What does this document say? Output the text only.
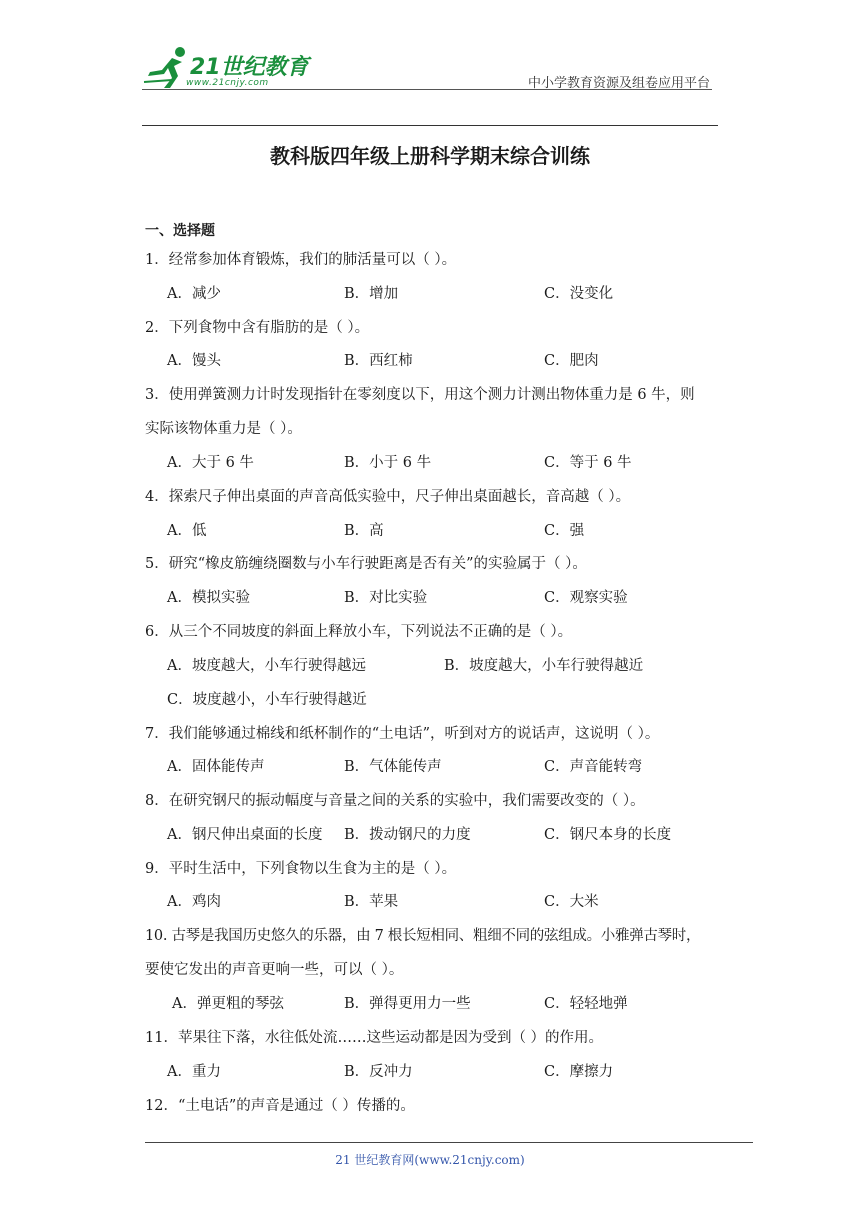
21世纪教育
www.21cnjy.com	中小学教育资源及组卷应用平台
教科版四年级上册科学期末综合训练
一、选择题
1．经常参加体育锻炼，我们的肺活量可以（ ）。
A．减少	B．增加	C．没变化
2．下列食物中含有脂肪的是（ ）。
A．馒头	B．西红柿	C．肥肉
3．使用弹簧测力计时发现指针在零刻度以下，用这个测力计测出物体重力是 6 牛，则
实际该物体重力是（ ）。
A．大于 6 牛	B．小于 6 牛	C．等于 6 牛
4．探索尺子伸出桌面的声音高低实验中，尺子伸出桌面越长，音高越（ ）。
A．低	B．高	C．强
5．研究“橡皮筋缠绕圈数与小车行驶距离是否有关”的实验属于（ ）。
A．模拟实验	B．对比实验	C．观察实验
6．从三个不同坡度的斜面上释放小车，下列说法不正确的是（ ）。
A．坡度越大，小车行驶得越远	B．坡度越大，小车行驶得越近
C．坡度越小，小车行驶得越近
7．我们能够通过棉线和纸杯制作的“土电话”，听到对方的说话声，这说明（ ）。
A．固体能传声	B．气体能传声	C．声音能转弯
8．在研究钢尺的振动幅度与音量之间的关系的实验中，我们需要改变的（ ）。
A．钢尺伸出桌面的长度 B．拨动钢尺的力度	C．钢尺本身的长度
9．平时生活中，下列食物以生食为主的是（ ）。
A．鸡肉	B．苹果	C．大米
10. 古琴是我国历史悠久的乐器，由 7 根长短相同、粗细不同的弦组成。小雅弹古琴时，
要使它发出的声音更响一些，可以（ ）。
A．弹更粗的琴弦	B．弹得更用力一些	C．轻轻地弹
11．苹果往下落，水往低处流……这些运动都是因为受到（ ）的作用。
A．重力	B．反冲力	C．摩擦力
12．“土电话”的声音是通过（ ）传播的。
21 世纪教育网(www.21cnjy.com)
